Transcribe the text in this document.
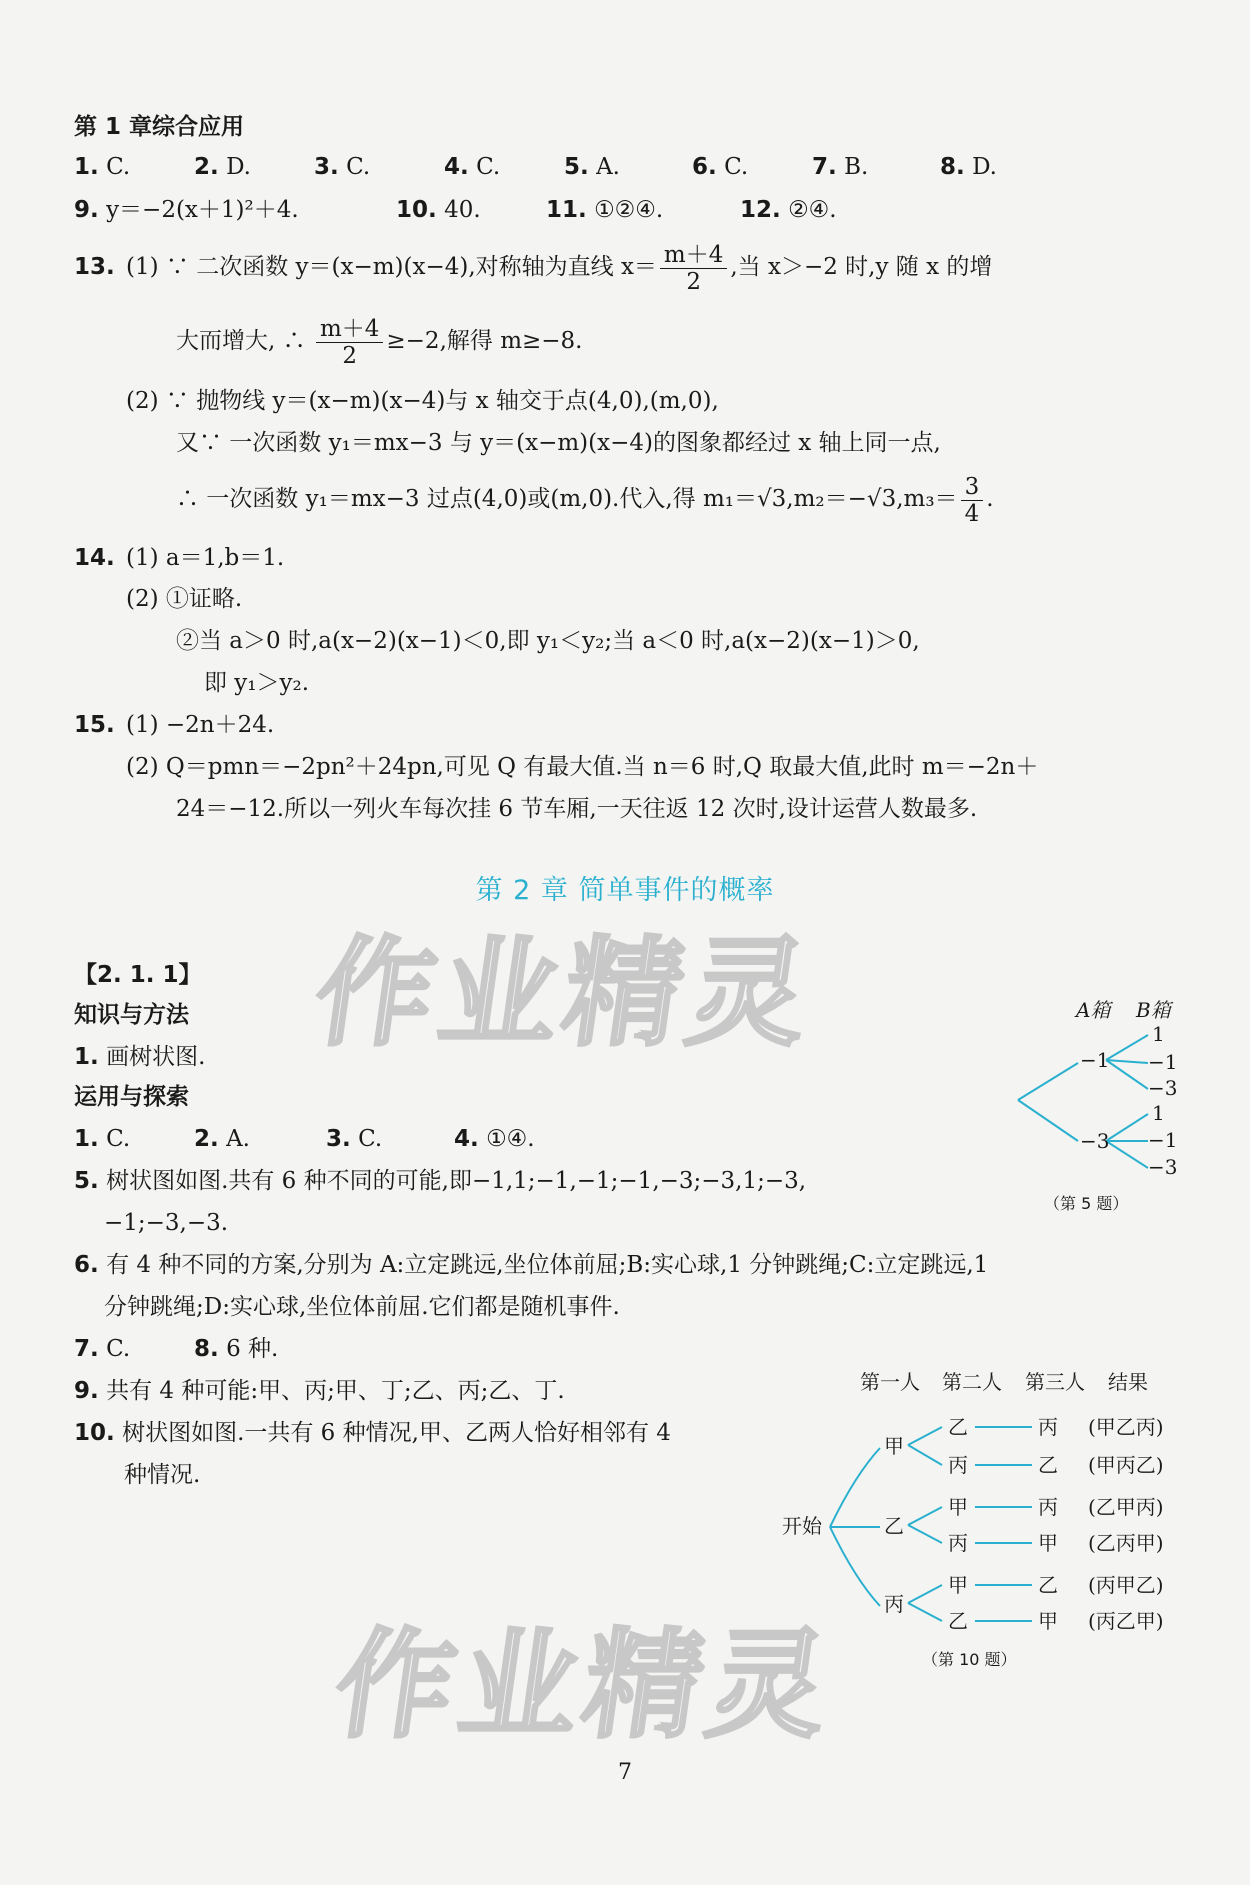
第 1 章综合应用
1. C.	2. D.	3. C.	4. C.	5. A.	6. C.	7. B.	8. D.
9. y＝−2(x＋1)²＋4.	10. 40.	11. ①②④.	12. ②④.
13. (1) ∵ 二次函数 y＝(x−m)(x−4),对称轴为直线 $x= \frac{m+4}{2}$ ,当 x＞−2 时,y 随 x 的增
大而增大, ∴ $\frac{m+4}{2} \ge-2$,解得 m≥−8.
(2) ∵ 抛物线 y＝(x−m)(x−4)与 x 轴交于点(4,0),(m,0),
又∵ 一次函数 y₁＝mx−3 与 y＝(x−m)(x−4)的图象都经过 x 轴上同一点,
∴ 一次函数 y₁＝mx−3 过点(4,0)或(m,0).代入,得 $m_1=√3,m_2=-√3,m_3= \frac{3}{4}$ .
14. (1) a＝1,b＝1.
(2) ①证略.
②当 a＞0 时,a(x−2)(x−1)＜0,即 y₁＜y₂;当 a＜0 时,a(x−2)(x−1)＞0,
即 y₁＞y₂.
15. (1) −2n＋24.
(2) Q＝pmn＝−2pn²＋24pn,可见 Q 有最大值.当 n＝6 时,Q 取最大值,此时 m＝−2n＋
24＝−12.所以一列火车每次挂 6 节车厢,一天往返 12 次时,设计运营人数最多.
第 2 章 简单事件的概率
作业精灵
作业精灵
【2. 1. 1】
知识与方法
1. 画树状图.
运用与探索
1. C.	2. A.	3. C.	4. ①④.
5. 树状图如图.共有 6 种不同的可能,即−1,1;−1,−1;−1,−3;−3,1;−3,
−1;−3,−3.
6. 有 4 种不同的方案,分别为 A:立定跳远,坐位体前屈;B:实心球,1 分钟跳绳;C:立定跳远,1
分钟跳绳;D:实心球,坐位体前屈.它们都是随机事件.
7. C.	8. 6 种.
9. 共有 4 种可能:甲、丙;甲、丁;乙、丙;乙、丁.
10. 树状图如图.一共有 6 种情况,甲、乙两人恰好相邻有 4
种情况.
A箱 B箱
−1
1
−1
−3
−3
1
−1
−3
（第 5 题）
第一人 第二人 第三人 结果
开始
甲
乙
丙
乙
丙
甲
丙
甲
乙
丙
乙
丙
甲
乙
甲
(甲乙丙)
(甲丙乙)
(乙甲丙)
(乙丙甲)
(丙甲乙)
(丙乙甲)
（第 10 题）
7
